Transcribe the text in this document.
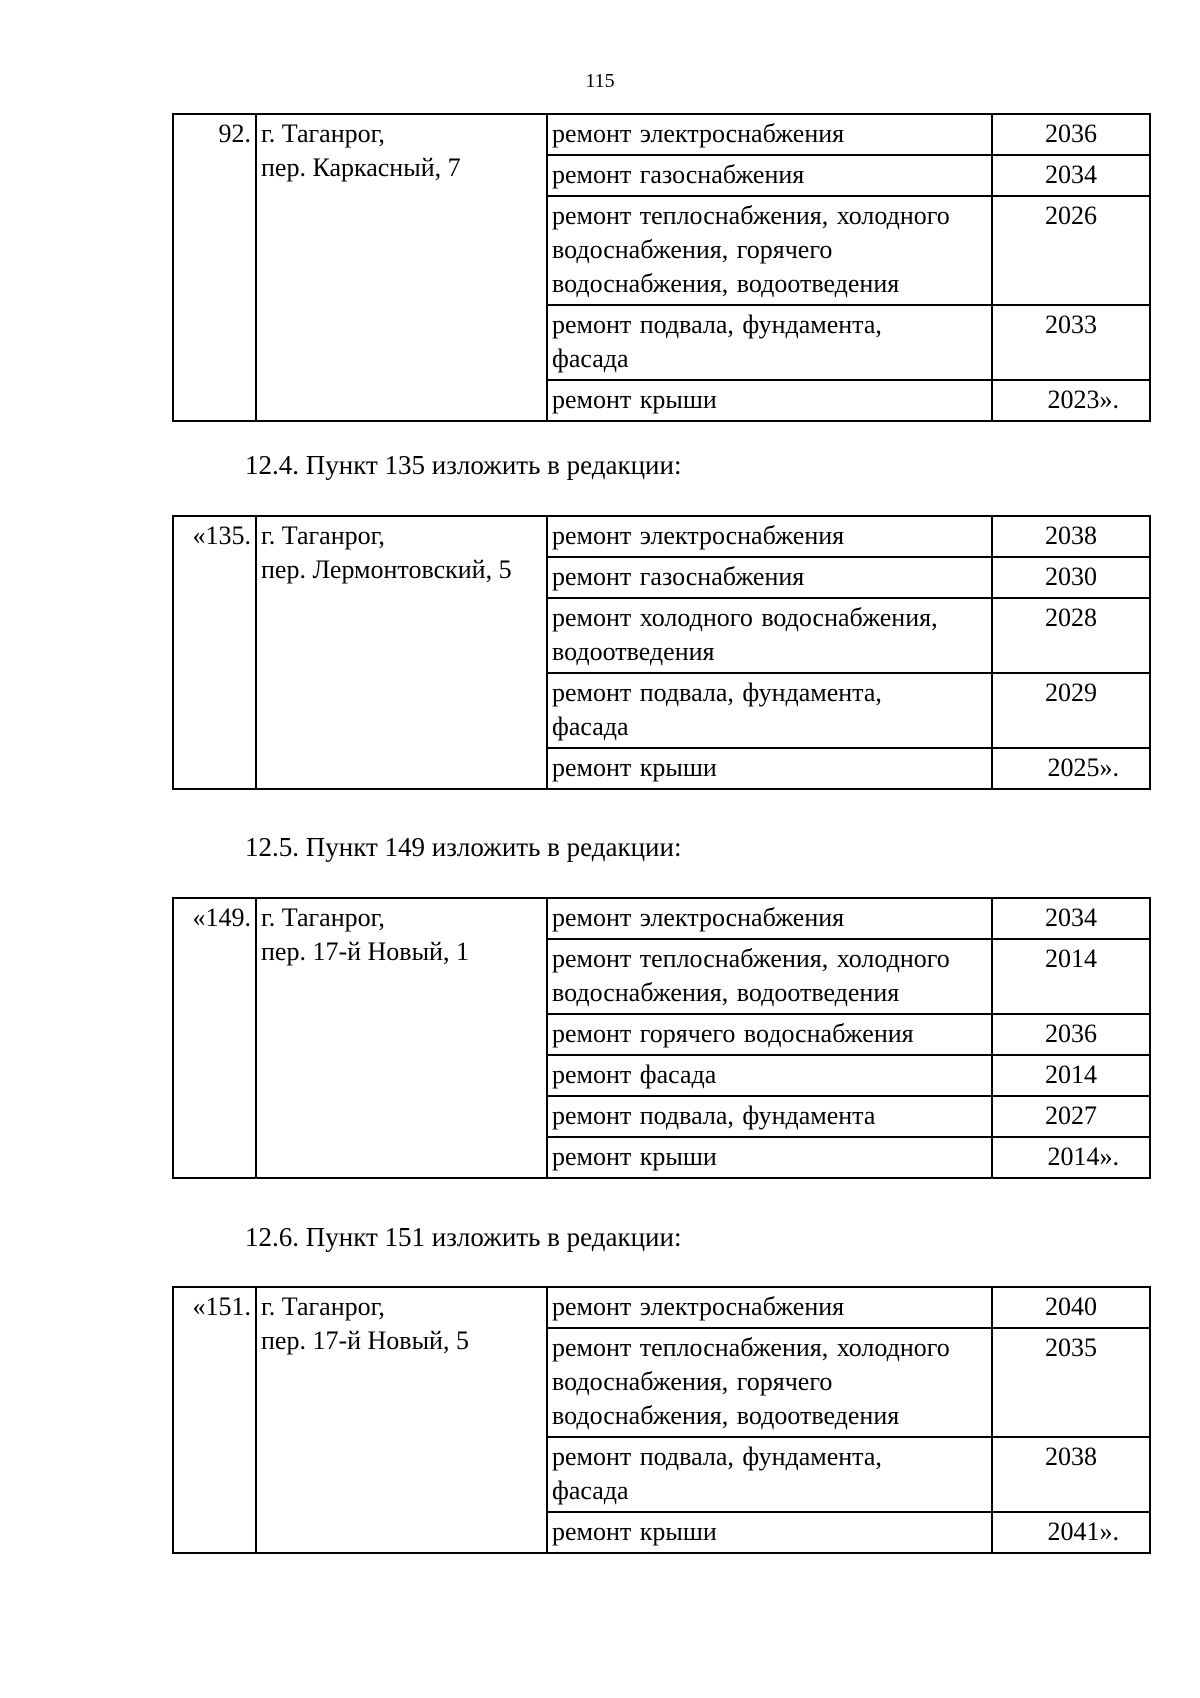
115
92.	г. Таганрог,
пер. Каркасный, 7	ремонт электроснабжения	2036
		ремонт газоснабжения	2034
		ремонт теплоснабжения, холодного
водоснабжения, горячего
водоснабжения, водоотведения	2026
		ремонт подвала, фундамента,
фасада	2033
		ремонт крыши	2023».
12.4. Пункт 135 изложить в редакции:
«135.	г. Таганрог,
пер. Лермонтовский, 5	ремонт электроснабжения	2038
		ремонт газоснабжения	2030
		ремонт холодного водоснабжения,
водоотведения	2028
		ремонт подвала, фундамента,
фасада	2029
		ремонт крыши	2025».
12.5. Пункт 149 изложить в редакции:
«149.	г. Таганрог,
пер. 17-й Новый, 1	ремонт электроснабжения	2034
		ремонт теплоснабжения, холодного
водоснабжения, водоотведения	2014
		ремонт горячего водоснабжения	2036
		ремонт фасада	2014
		ремонт подвала, фундамента	2027
		ремонт крыши	2014».
12.6. Пункт 151 изложить в редакции:
«151.	г. Таганрог,
пер. 17-й Новый, 5	ремонт электроснабжения	2040
		ремонт теплоснабжения, холодного
водоснабжения, горячего
водоснабжения, водоотведения	2035
		ремонт подвала, фундамента,
фасада	2038
		ремонт крыши	2041».
